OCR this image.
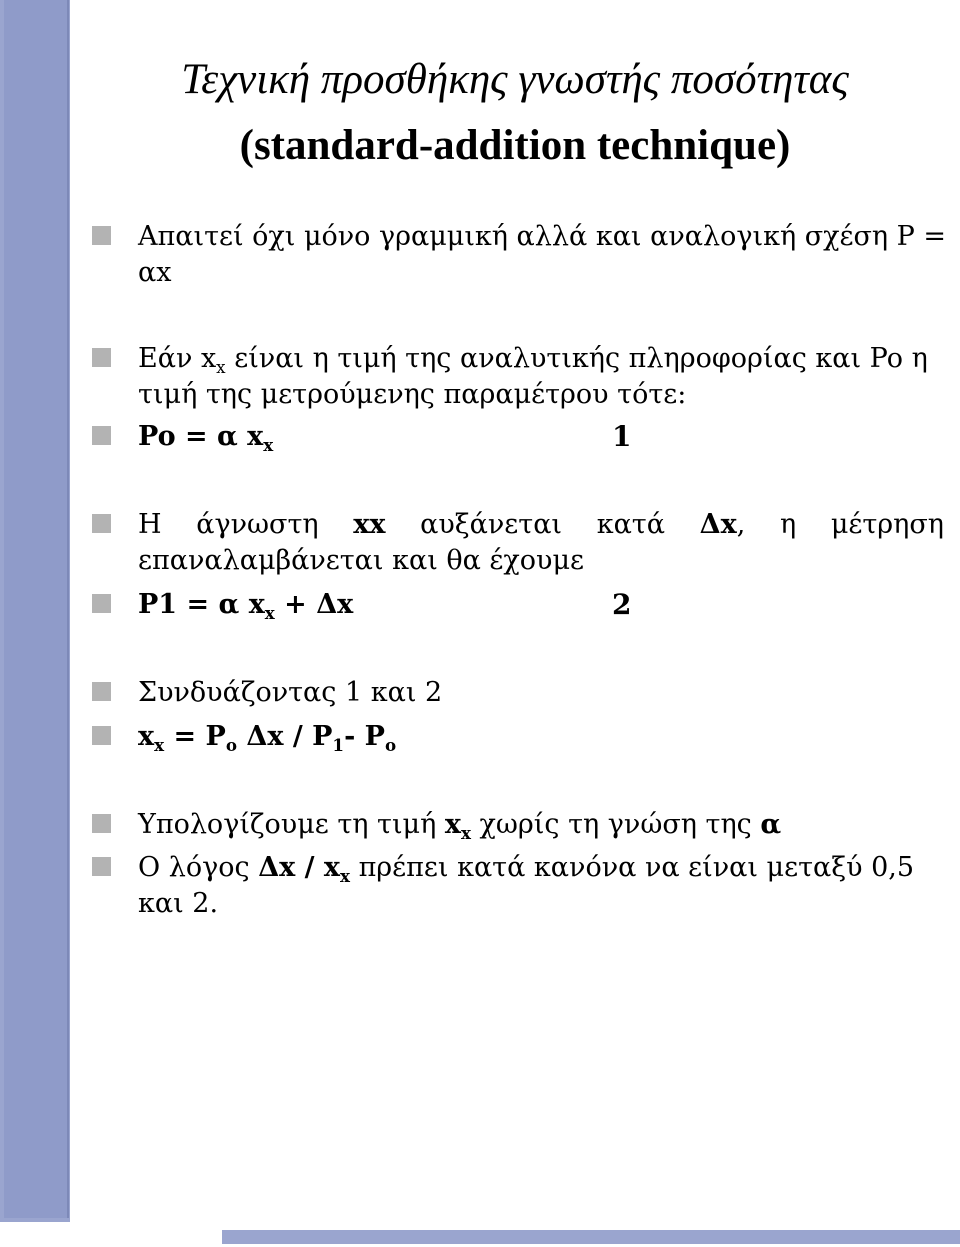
Τεχνική προσθήκης γνωστής ποσότητας
(standard-addition technique)
Απαιτεί όχι μόνο γραμμική αλλά και αναλογική σχέση P =
αx
Εάν $x_x$ είναι η τιμή της αναλυτικής πληροφορίας και Po η
τιμή της μετρούμενης παραμέτρου τότε:
Po = α $x_x$	1
Η άγνωστη xx αυξάνεται κατά Δx, η μέτρηση
επαναλαμβάνεται και θα έχουμε
P1 = α $x_x + \Delta x$	2
Συνδυάζοντας 1 και 2
$x_x = P_o$ Δx / $P_1-$ $P_o$
Υπολογίζουμε τη τιμή $x_x$ χωρίς τη γνώση της α
Ο λόγος Δx / $x_x$ πρέπει κατά κανόνα να είναι μεταξύ 0,5
και 2.
